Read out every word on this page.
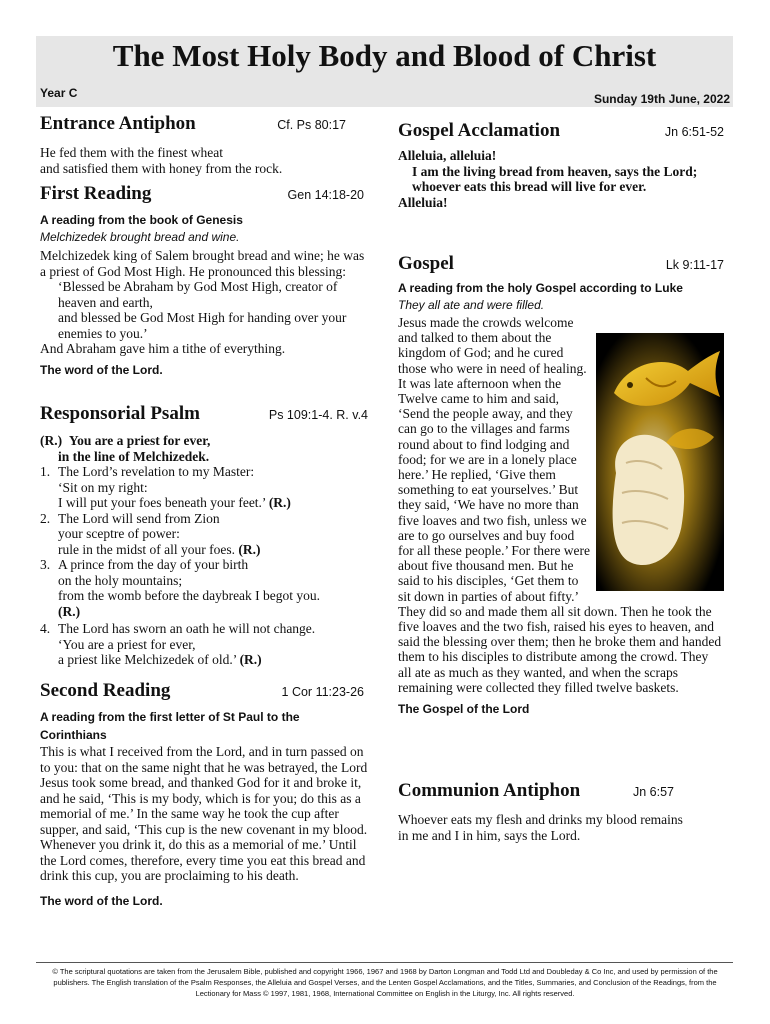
The Most Holy Body and Blood of Christ
Year C	Sunday 19th June, 2022
Entrance Antiphon	Cf. Ps 80:17

He fed them with the finest wheat

and satisfied them with honey from the rock.

First Reading	Gen 14:18-20
A reading from the book of Genesis
Melchizedek brought bread and wine.

Melchizedek king of Salem brought bread and wine; he was a priest of God Most High. He pronounced this blessing:

‘Blessed be Abraham by God Most High, creator of heaven and earth,

and blessed be God Most High for handing over your enemies to you.’

And Abraham gave him a tithe of everything.

The word of the Lord.
Responsorial Psalm	Ps 109:1-4. R. v.4

(R.) You are a priest for ever,

in the line of Melchizedek.

1. The Lord’s revelation to my Master:

‘Sit on my right:

I will put your foes beneath your feet.’ (R.)

2. The Lord will send from Zion

your sceptre of power:

rule in the midst of all your foes. (R.)

3. A prince from the day of your birth

on the holy mountains;

from the womb before the daybreak I begot you.

(R.)

4. The Lord has sworn an oath he will not change.

‘You are a priest for ever,

a priest like Melchizedek of old.’ (R.)

Second Reading	1 Cor 11:23-26
A reading from the first letter of St Paul to the Corinthians
This is what I received from the Lord, and in turn passed on to you: that on the same night that he was betrayed, the Lord Jesus took some bread, and thanked God for it and broke it, and he said, ‘This is my body, which is for you; do this as a memorial of me.’ In the same way he took the cup after supper, and said, ‘This cup is the new covenant in my blood. Whenever you drink it, do this as a memorial of me.’ Until the Lord comes, therefore, every time you eat this bread and drink this cup, you are proclaiming to his death.
The word of the Lord.
Gospel Acclamation	Jn 6:51-52

Alleluia, alleluia!

I am the living bread from heaven, says the Lord;

whoever eats this bread will live for ever.

Alleluia!

Gospel	Lk 9:11-17
A reading from the holy Gospel according to Luke
They all ate and were filled.

Jesus made the crowds welcome and talked to them about the kingdom of God; and he cured those who were in need of healing.

It was late afternoon when the Twelve came to him and said, ‘Send the people away, and they can go to the villages and farms round about to find lodging and food; for we are in a lonely place here.’ He replied, ‘Give them something to eat yourselves.’ But they said, ‘We have no more than five loaves and two fish, unless we are to go ourselves and buy food for all these people.’ For there were about five thousand men. But he said to his disciples, ‘Get them to sit down in parties of about fifty.’ They did so and made them all sit down. Then he took the five loaves and the two fish, raised his eyes to heaven, and said the blessing over them; then he broke them and handed them to his disciples to distribute among the crowd. They all ate as much as they wanted, and when the scraps remaining were collected they filled twelve baskets.

The Gospel of the Lord
Communion Antiphon	Jn 6:57
Whoever eats my flesh and drinks my blood remains in me and I in him, says the Lord.
© The scriptural quotations are taken from the Jerusalem Bible, published and copyright 1966, 1967 and 1968 by Darton Longman and Todd Ltd and Doubleday & Co Inc, and used by permission of the publishers. The English translation of the Psalm Responses, the Alleluia and Gospel Verses, and the Lenten Gospel Acclamations, and the Titles, Summaries, and Conclusion of the Readings, from the Lectionary for Mass © 1997, 1981, 1968, International Committee on English in the Liturgy, Inc. All rights reserved.
